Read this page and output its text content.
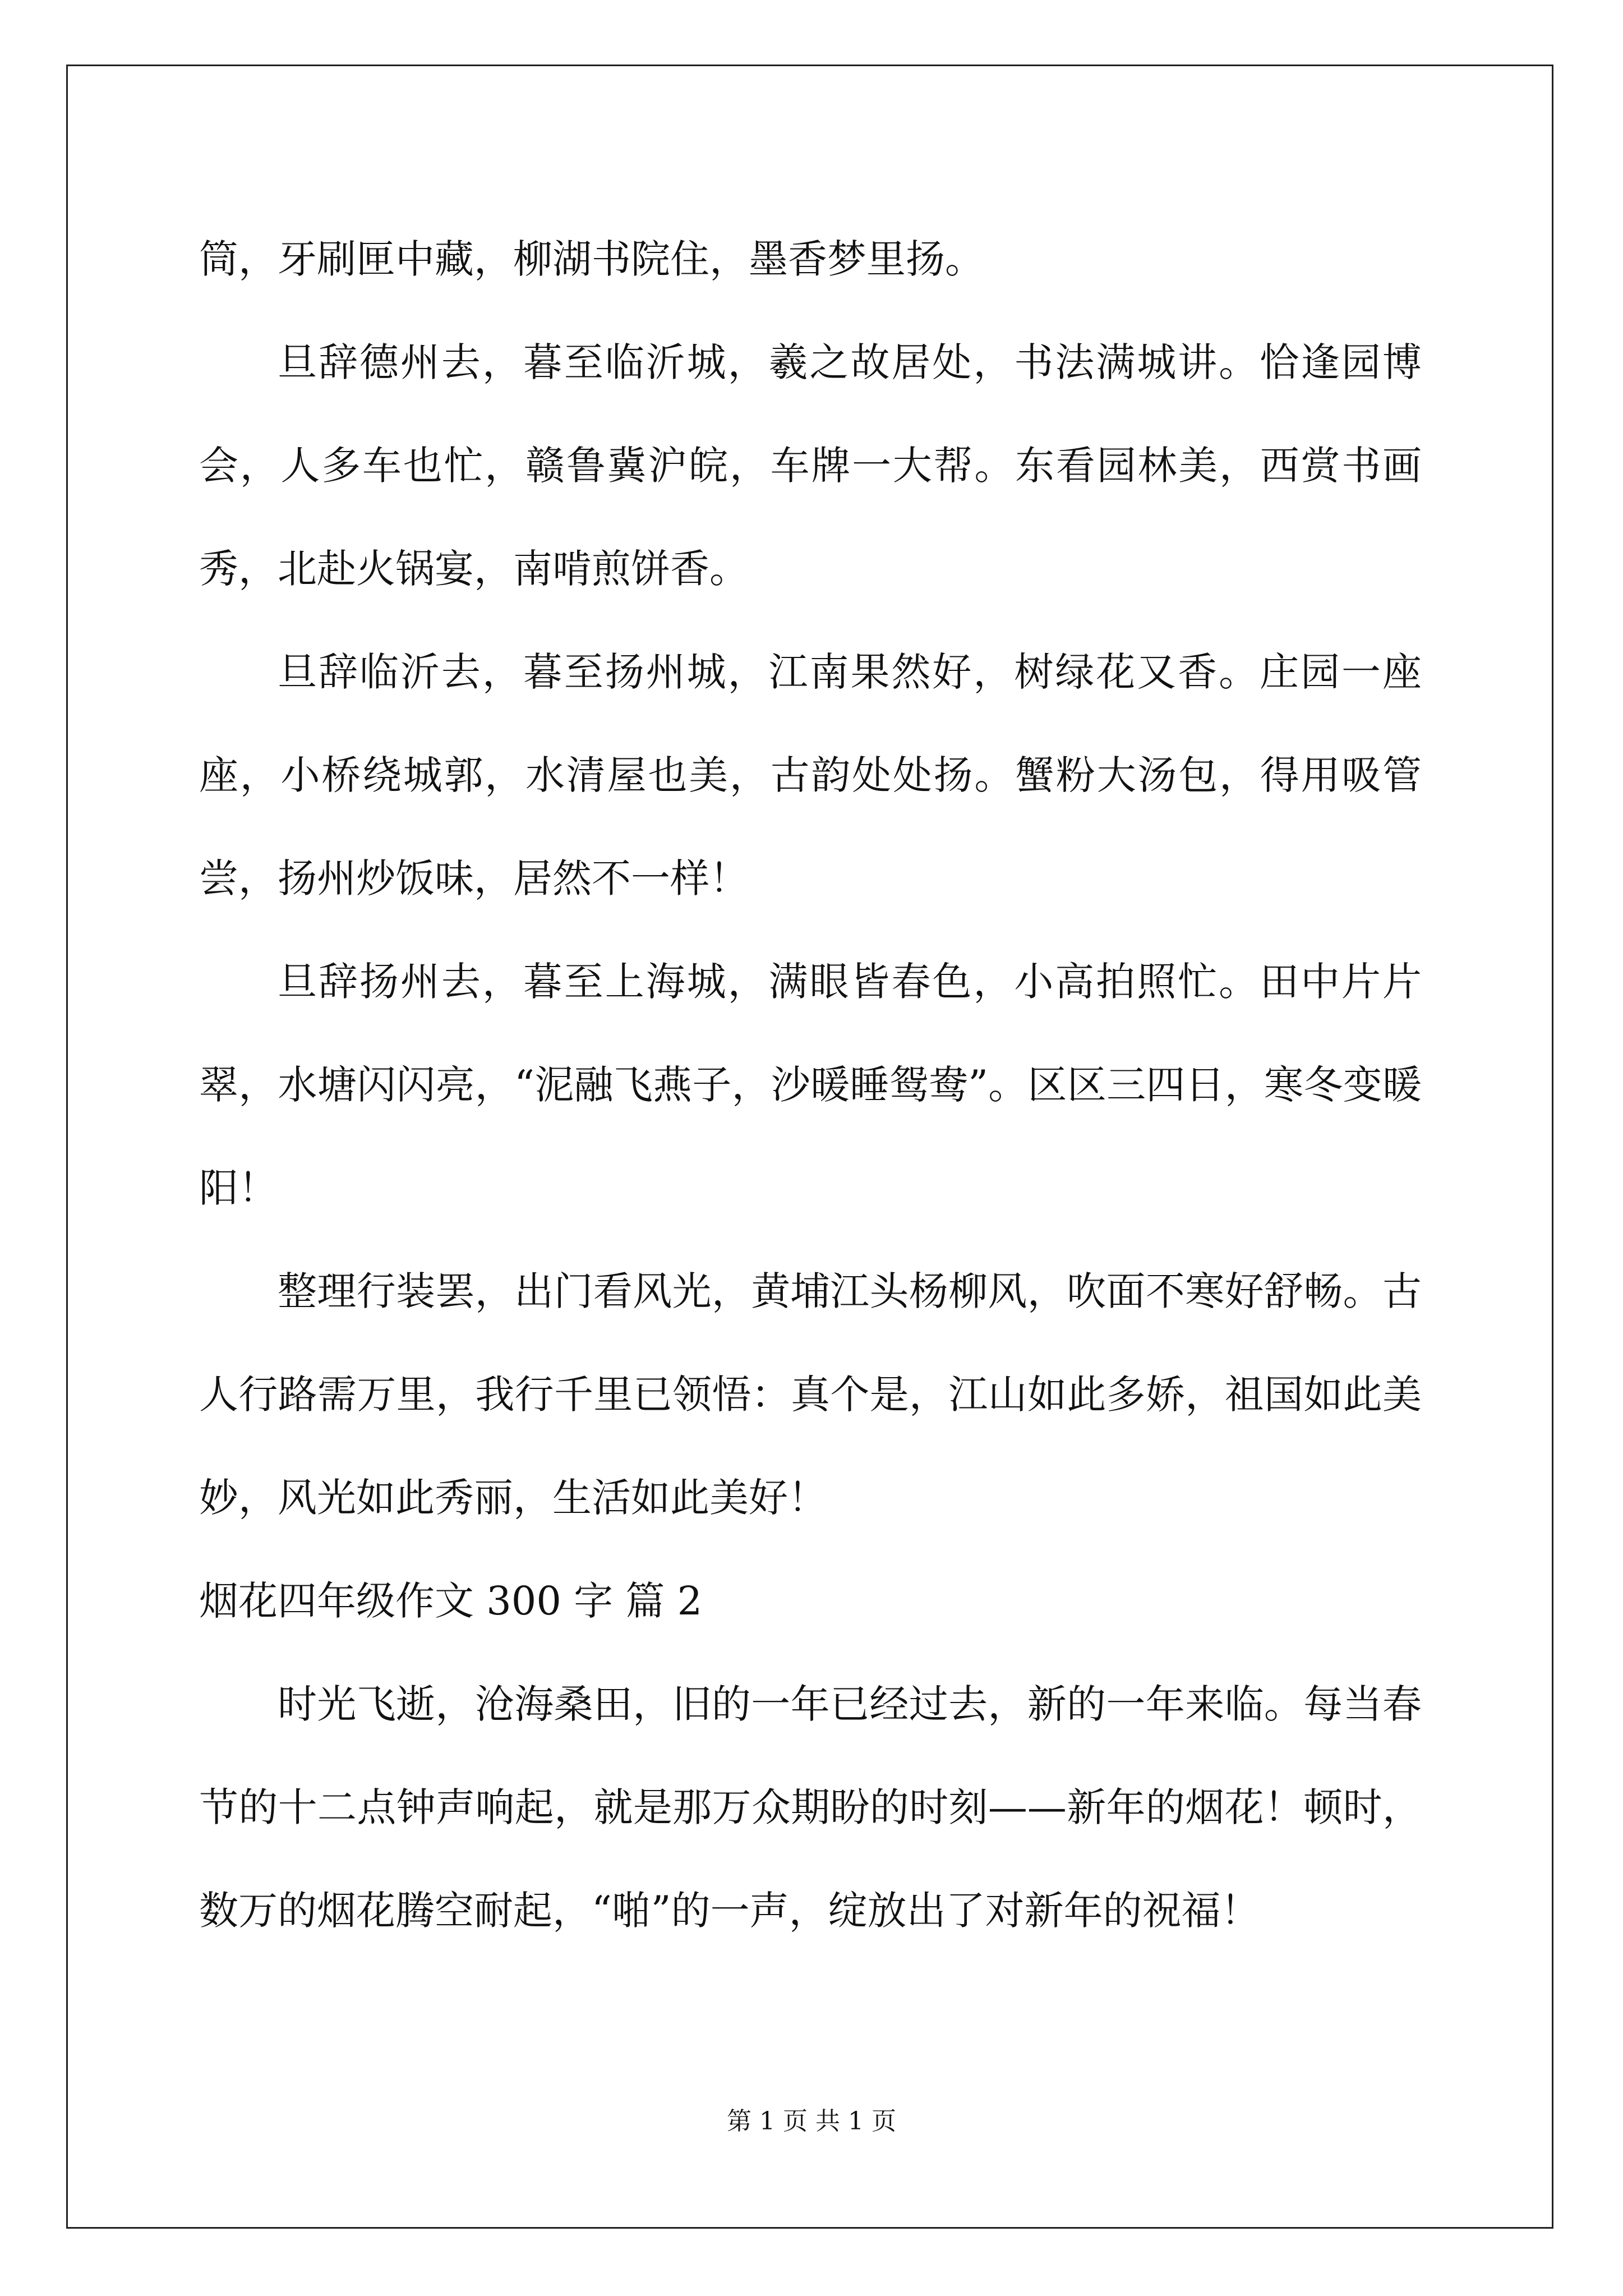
筒，牙刷匣中藏，柳湖书院住，墨香梦里扬。

旦辞德州去，暮至临沂城，羲之故居处，书法满城讲。恰逢园博会，人多车也忙，赣鲁冀沪皖，车牌一大帮。东看园林美，西赏书画秀，北赴火锅宴，南啃煎饼香。

旦辞临沂去，暮至扬州城，江南果然好，树绿花又香。庄园一座座，小桥绕城郭，水清屋也美，古韵处处扬。蟹粉大汤包，得用吸管尝，扬州炒饭味，居然不一样！

旦辞扬州去，暮至上海城，满眼皆春色，小高拍照忙。田中片片翠，水塘闪闪亮，“泥融飞燕子，沙暖睡鸳鸯”。区区三四日，寒冬变暖阳！

整理行装罢，出门看风光，黄埔江头杨柳风，吹面不寒好舒畅。古人行路需万里，我行千里已领悟：真个是，江山如此多娇，祖国如此美妙，风光如此秀丽，生活如此美好！

烟花四年级作文 300 字 篇 2

时光飞逝，沧海桑田，旧的一年已经过去，新的一年来临。每当春节的十二点钟声响起，就是那万众期盼的时刻——新年的烟花！顿时，数万的烟花腾空耐起，“啪”的一声，绽放出了对新年的祝福！

第 1 页 共 1 页
